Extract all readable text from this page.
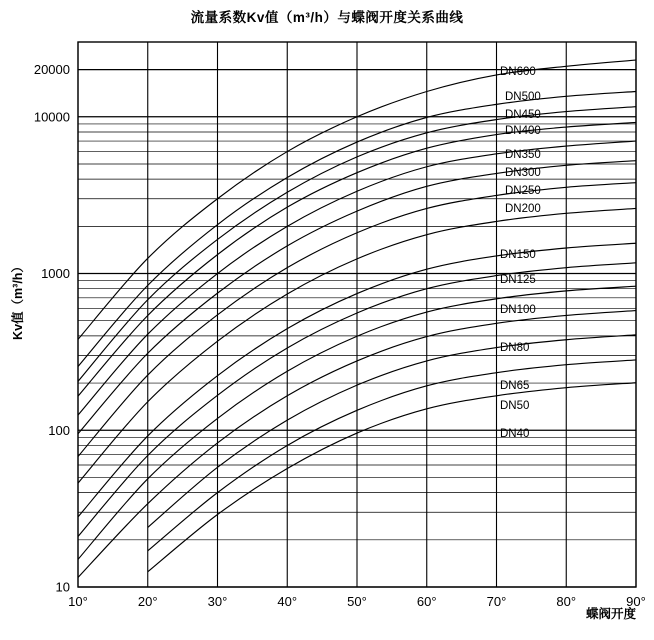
流量系数Kv值（m³/h）与蝶阀开度关系曲线
10
100
1000
10000
20000
10°	20°	30°	40°	50°	60°	70°	80°	90°
DN600
DN500
DN450
DN400
DN350
DN300
DN250
DN200
DN150
DN125
DN100
DN80
DN65
DN50
DN40
Kv值（m³/h）
蝶阀开度
